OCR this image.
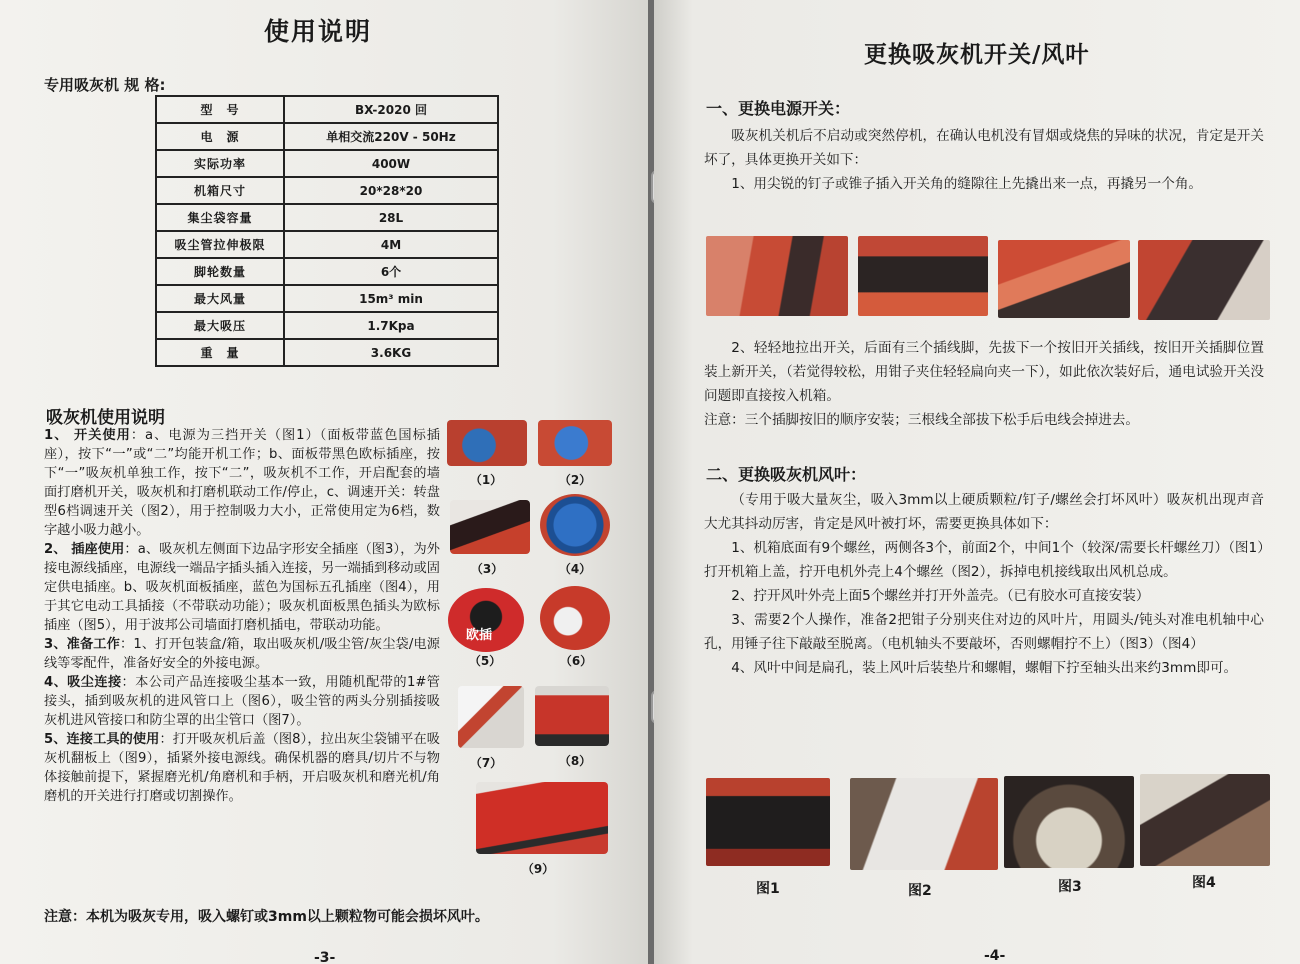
使用说明
专用吸灰机 规 格:
型　号	BX-2020 回
电　源	单相交流220V - 50Hz
实际功率	400W
机箱尺寸	20*28*20
集尘袋容量	28L
吸尘管拉伸极限	4M
脚轮数量	6个
最大风量	15m³ min
最大吸压	1.7Kpa
重　量	3.6KG
吸灰机使用说明

1、 开关使用：a、电源为三挡开关（图1）（面板带蓝色国标插座），按下“一”或“二”均能开机工作；b、面板带黑色欧标插座，按下“一”吸灰机单独工作，按下“二”，吸灰机不工作，开启配套的墙面打磨机开关，吸灰机和打磨机联动工作/停止，c、调速开关：转盘型6档调速开关（图2），用于控制吸力大小，正常使用定为6档，数字越小吸力越小。

2、 插座使用：a、吸灰机左侧面下边品字形安全插座（图3），为外接电源线插座，电源线一端品字插头插入连接，另一端插到移动或固定供电插座。b、吸灰机面板插座，蓝色为国标五孔插座（图4），用于其它电动工具插接（不带联动功能）；吸灰机面板黑色插头为欧标插座（图5），用于波邦公司墙面打磨机插电，带联动功能。

3、准备工作：1、打开包装盒/箱，取出吸灰机/吸尘管/灰尘袋/电源线等零配件，准备好安全的外接电源。

4、吸尘连接：本公司产品连接吸尘基本一致，用随机配带的1#管接头，插到吸灰机的进风管口上（图6），吸尘管的两头分别插接吸灰机进风管接口和防尘罩的出尘管口（图7）。

5、连接工具的使用：打开吸灰机后盖（图8），拉出灰尘袋铺平在吸灰机翻板上（图9），插紧外接电源线。确保机器的磨具/切片不与物体接触前提下，紧握磨光机/角磨机和手柄，开启吸灰机和磨光机/角磨机的开关进行打磨或切割操作。

（1）	（2）
（3）	（4）
欧插
（5）	（6）
（7）	（8）
（9）
注意：本机为吸灰专用，吸入螺钉或3mm以上颗粒物可能会损坏风叶。
-3-
更换吸灰机开关/风叶
一、更换电源开关：

吸灰机关机后不启动或突然停机，在确认电机没有冒烟或烧焦的异味的状况，肯定是开关坏了，具体更换开关如下：

1、用尖锐的钉子或锥子插入开关角的缝隙往上先撬出来一点，再撬另一个角。

2、轻轻地拉出开关，后面有三个插线脚，先拔下一个按旧开关插线，按旧开关插脚位置装上新开关，（若觉得较松，用钳子夹住轻轻扁向夹一下），如此依次装好后，通电试验开关没问题即直接按入机箱。

注意：三个插脚按旧的顺序安装；三根线全部拔下松手后电线会掉进去。

二、更换吸灰机风叶：

（专用于吸大量灰尘，吸入3mm以上硬质颗粒/钉子/螺丝会打坏风叶）吸灰机出现声音大尤其抖动厉害，肯定是风叶被打坏，需要更换具体如下：

1、机箱底面有9个螺丝，两侧各3个，前面2个，中间1个（较深/需要长杆螺丝刀）（图1）打开机箱上盖，拧开电机外壳上4个螺丝（图2），拆掉电机接线取出风机总成。

2、拧开风叶外壳上面5个螺丝并打开外盖壳。（已有胶水可直接安装）

3、需要2个人操作，准备2把钳子分别夹住对边的风叶片，用圆头/钝头对准电机轴中心孔，用锤子往下敲敲至脱离。（电机轴头不要敲坏，否则螺帽拧不上）（图3）（图4）

4、风叶中间是扁孔，装上风叶后装垫片和螺帽，螺帽下拧至轴头出来约3mm即可。

图1	图2	图3	图4
-4-
